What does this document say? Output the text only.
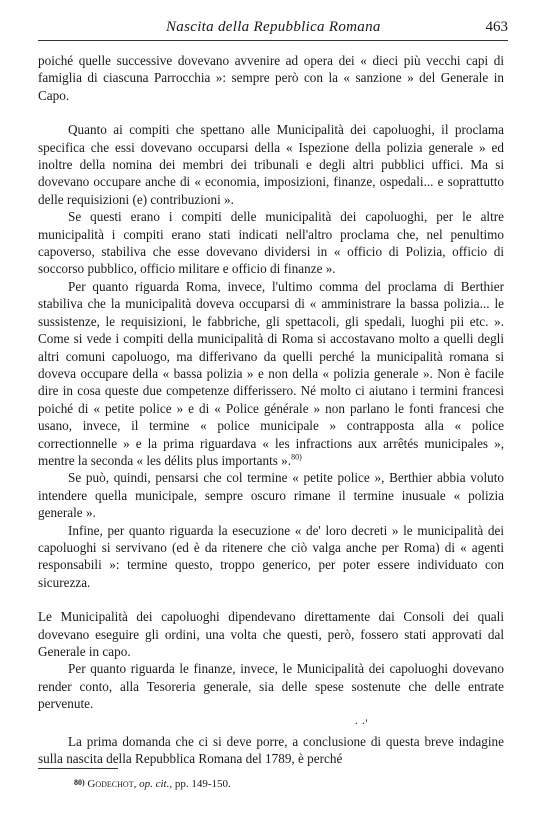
Nascita della Repubblica Romana	463

poiché quelle successive dovevano avvenire ad opera dei « dieci più vecchi capi di famiglia di ciascuna Parrocchia »: sempre però con la « sanzione » del Generale in Capo.

Quanto ai compiti che spettano alle Municipalità dei capoluoghi, il proclama specifica che essi dovevano occuparsi della « Ispezione della polizia generale » ed inoltre della nomina dei membri dei tribunali e degli altri pubblici uffici. Ma si dovevano occupare anche di « economia, imposizioni, finanze, ospedali... e soprattutto delle requisizioni (e) contribuzioni ».

Se questi erano i compiti delle municipalità dei capoluoghi, per le altre municipalità i compiti erano stati indicati nell'altro proclama che, nel penultimo capoverso, stabiliva che esse dovevano dividersi in « officio di Polizia, officio di soccorso pubblico, officio militare e officio di finanze ».

Per quanto riguarda Roma, invece, l'ultimo comma del proclama di Berthier stabiliva che la municipalità doveva occuparsi di « amministrare la bassa polizia... le sussistenze, le requisizioni, le fabbriche, gli spettacoli, gli spedali, luoghi pii etc. ». Come si vede i compiti della municipalità di Roma si accostavano molto a quelli degli altri comuni capoluogo, ma differivano da quelli perché la municipalità romana si doveva occupare della « bassa polizia » e non della « polizia generale ». Non è facile dire in cosa queste due competenze differissero. Né molto ci aiutano i termini francesi poiché di « petite police » e di « Police générale » non parlano le fonti francesi che usano, invece, il termine « police municipale » contrapposta alla « police correctionnelle » e la prima riguardava « les infractions aux arrêtés municipales », mentre la seconda « les délits plus importants ».$^{80)}$

Se può, quindi, pensarsi che col termine « petite police », Berthier abbia voluto intendere quella municipale, sempre oscuro rimane il termine inusuale « polizia generale ».

Infine, per quanto riguarda la esecuzione « de' loro decreti » le municipalità dei capoluoghi si servivano (ed è da ritenere che ciò valga anche per Roma) di « agenti responsabili »: termine questo, troppo generico, per poter essere individuato con sicurezza.

Le Municipalità dei capoluoghi dipendevano direttamente dai Consoli dei quali dovevano eseguire gli ordini, una volta che questi, però, fossero stati approvati dal Generale in capo.

Per quanto riguarda le finanze, invece, le Municipalità dei capoluoghi dovevano render conto, alla Tesoreria generale, sia delle spese sostenute che delle entrate pervenute.

· ·'

La prima domanda che ci si deve porre, a conclusione di questa breve indagine sulla nascita della Repubblica Romana del 1789, è perché

80) Godechot, op. cit., pp. 149-150.
